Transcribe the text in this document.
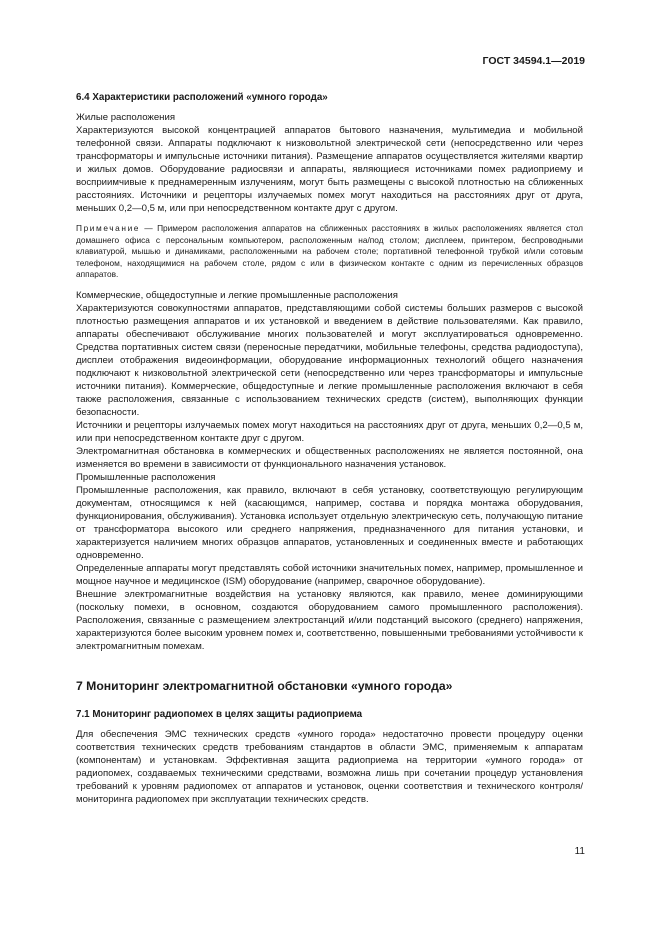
ГОСТ 34594.1—2019
6.4 Характеристики расположений «умного города»

Жилые расположения

Характеризуются высокой концентрацией аппаратов бытового назначения, мультимедиа и мобильной телефонной связи. Аппараты подключают к низковольтной электрической сети (непосредственно или через трансформаторы и импульсные источники питания). Размещение аппаратов осуществляется жителями квартир и жилых домов. Оборудование радиосвязи и аппараты, являющиеся источниками помех радиоприему и восприимчивые к преднамеренным излучениям, могут быть размещены с высокой плотностью на сближенных расстояниях. Источники и рецепторы излучаемых помех могут находиться на расстояниях друг от друга, меньших 0,2—0,5 м, или при непосредственном контакте друг с другом.

Примечание — Примером расположения аппаратов на сближенных расстояниях в жилых расположениях является стол домашнего офиса с персональным компьютером, расположенным на/под столом; дисплеем, принтером, беспроводными клавиатурой, мышью и динамиками, расположенными на рабочем столе; портативной телефонной трубкой и/или сотовым телефоном, находящимися на рабочем столе, рядом с или в физическом контакте с одним из перечисленных образцов аппаратов.

Коммерческие, общедоступные и легкие промышленные расположения

Характеризуются совокупностями аппаратов, представляющими собой системы больших размеров с высокой плотностью размещения аппаратов и их установкой и введением в действие пользователями. Как правило, аппараты обеспечивают обслуживание многих пользователей и могут эксплуатироваться одновременно. Средства портативных систем связи (переносные передатчики, мобильные телефоны, средства радиодоступа), дисплеи отображения видеоинформации, оборудование информационных технологий общего назначения подключают к низковольтной электрической сети (непосредственно или через трансформаторы и импульсные источники питания). Коммерческие, общедоступные и легкие промышленные расположения включают в себя также расположения, связанные с использованием технических средств (систем), выполняющих функции безопасности.

Источники и рецепторы излучаемых помех могут находиться на расстояниях друг от друга, меньших 0,2—0,5 м, или при непосредственном контакте друг с другом.

Электромагнитная обстановка в коммерческих и общественных расположениях не является постоянной, она изменяется во времени в зависимости от функционального назначения установок.

Промышленные расположения

Промышленные расположения, как правило, включают в себя установку, соответствующую регулирующим документам, относящимся к ней (касающимся, например, состава и порядка монтажа оборудования, функционирования, обслуживания). Установка использует отдельную электрическую сеть, получающую питание от трансформатора высокого или среднего напряжения, предназначенного для питания установки, и характеризуется наличием многих образцов аппаратов, установленных и соединенных вместе и работающих одновременно.

Определенные аппараты могут представлять собой источники значительных помех, например, промышленное и мощное научное и медицинское (ISM) оборудование (например, сварочное оборудование).

Внешние электромагнитные воздействия на установку являются, как правило, менее доминирующими (поскольку помехи, в основном, создаются оборудованием самого промышленного расположения). Расположения, связанные с размещением электростанций и/или подстанций высокого (среднего) напряжения, характеризуются более высоким уровнем помех и, соответственно, повышенными требованиями устойчивости к электромагнитным помехам.

7 Мониторинг электромагнитной обстановки «умного города»
7.1 Мониторинг радиопомех в целях защиты радиоприема

Для обеспечения ЭМС технических средств «умного города» недостаточно провести процедуру оценки соответствия технических средств требованиям стандартов в области ЭМС, применяемым к аппаратам (компонентам) и установкам. Эффективная защита радиоприема на территории «умного города» от радиопомех, создаваемых техническими средствами, возможна лишь при сочетании процедур установления требований к уровням радиопомех от аппаратов и установок, оценки соответствия и технического контроля/мониторинга радиопомех при эксплуатации технических средств.

11
